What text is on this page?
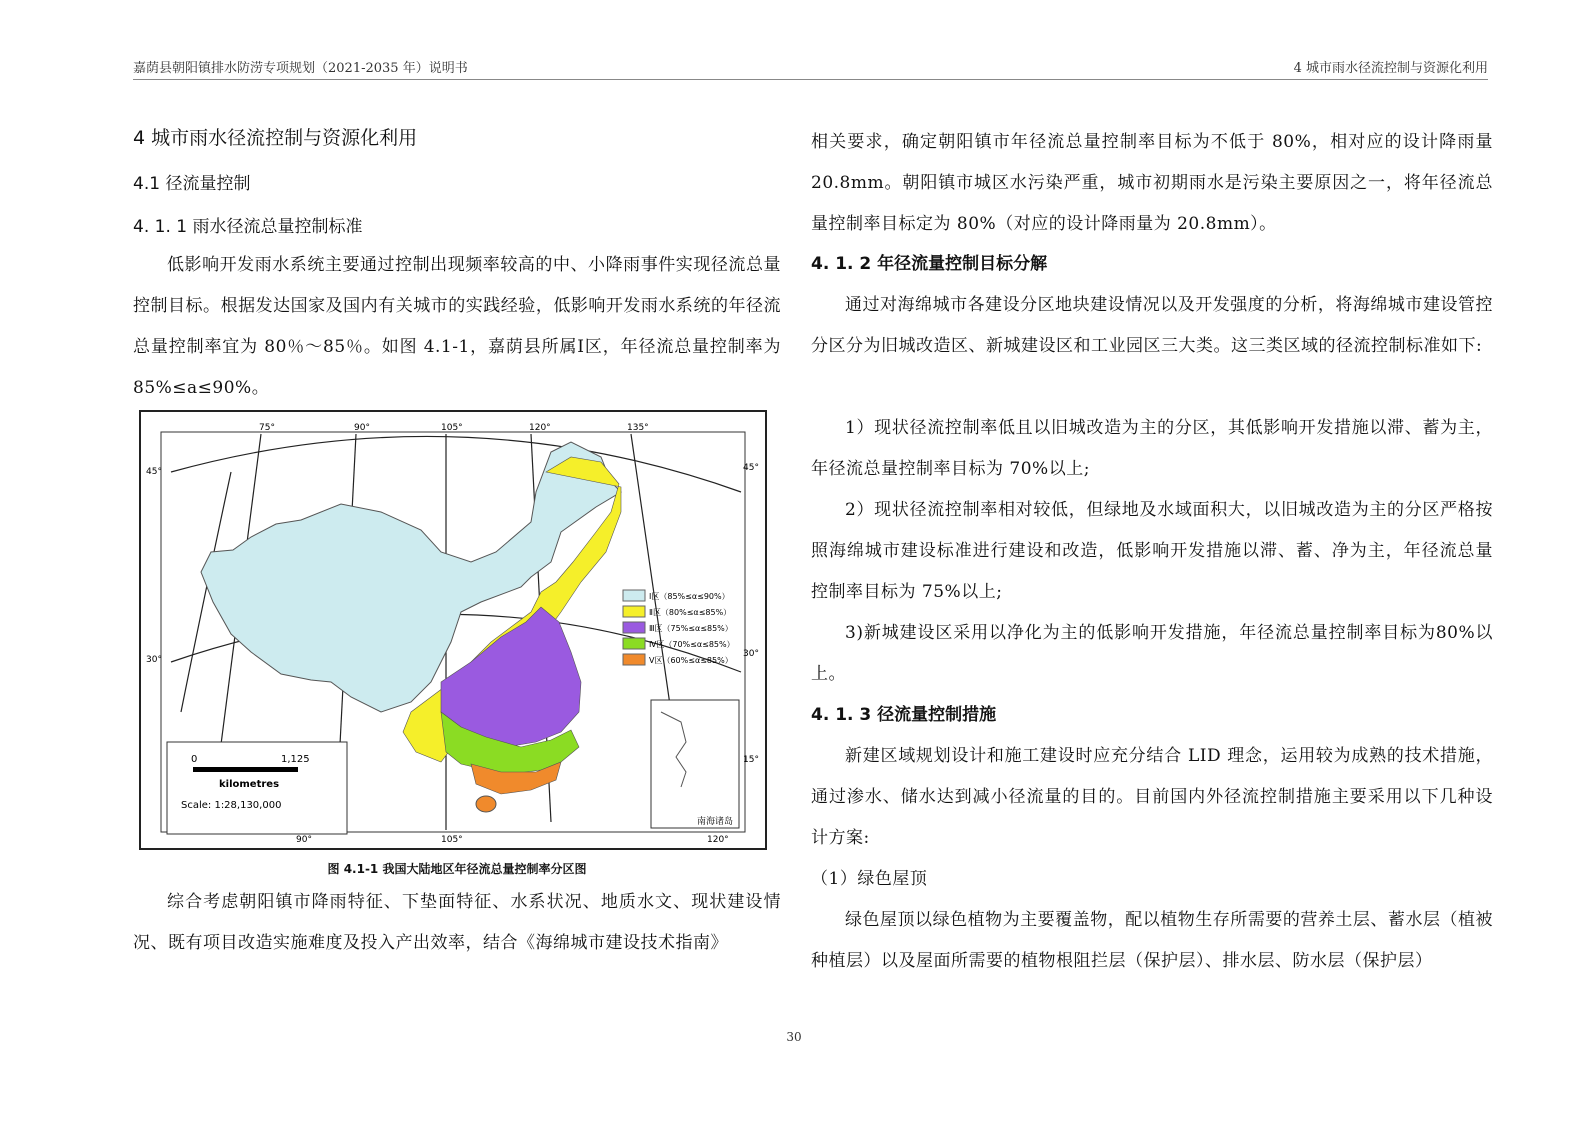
嘉荫县朝阳镇排水防涝专项规划（2021-2035 年）说明书	4 城市雨水径流控制与资源化利用
4 城市雨水径流控制与资源化利用
4.1 径流量控制
4. 1. 1 雨水径流总量控制标准

低影响开发雨水系统主要通过控制出现频率较高的中、小降雨事件实现径流总量控制目标。根据发达国家及国内有关城市的实践经验，低影响开发雨水系统的年径流总量控制率宜为 80％～85％。如图 4.1-1，嘉荫县所属Ⅰ区，年径流总量控制率为 85%≤a≤90%。

75°	90°	105°	120°	135°
90°	105°	120°
45°
30°
45°
30°
15°
Ⅰ区（85%≤α≤90%）
Ⅱ区（80%≤α≤85%）
Ⅲ区（75%≤α≤85%）
Ⅳ区（70%≤α≤85%）
Ⅴ区（60%≤α≤85%）
0	1,125
kilometres
Scale: 1:28,130,000
南海诸岛
图 4.1-1 我国大陆地区年径流总量控制率分区图

综合考虑朝阳镇市降雨特征、下垫面特征、水系状况、地质水文、现状建设情况、既有项目改造实施难度及投入产出效率，结合《海绵城市建设技术指南》

相关要求，确定朝阳镇市年径流总量控制率目标为不低于 80%，相对应的设计降雨量 20.8mm。朝阳镇市城区水污染严重，城市初期雨水是污染主要原因之一，将年径流总量控制率目标定为 80%（对应的设计降雨量为 20.8mm）。

4. 1. 2 年径流量控制目标分解

通过对海绵城市各建设分区地块建设情况以及开发强度的分析，将海绵城市建设管控分区分为旧城改造区、新城建设区和工业园区三大类。这三类区域的径流控制标准如下:

1）现状径流控制率低且以旧城改造为主的分区，其低影响开发措施以滞、蓄为主，年径流总量控制率目标为 70%以上;

2）现状径流控制率相对较低，但绿地及水域面积大，以旧城改造为主的分区严格按照海绵城市建设标准进行建设和改造，低影响开发措施以滞、蓄、净为主，年径流总量控制率目标为 75%以上;

3)新城建设区采用以净化为主的低影响开发措施，年径流总量控制率目标为80%以上。

4. 1. 3 径流量控制措施

新建区域规划设计和施工建设时应充分结合 LID 理念，运用较为成熟的技术措施，通过渗水、储水达到减小径流量的目的。目前国内外径流控制措施主要采用以下几种设计方案:

（1）绿色屋顶

绿色屋顶以绿色植物为主要覆盖物，配以植物生存所需要的营养土层、蓄水层（植被种植层）以及屋面所需要的植物根阻拦层（保护层）、排水层、防水层（保护层）

30
